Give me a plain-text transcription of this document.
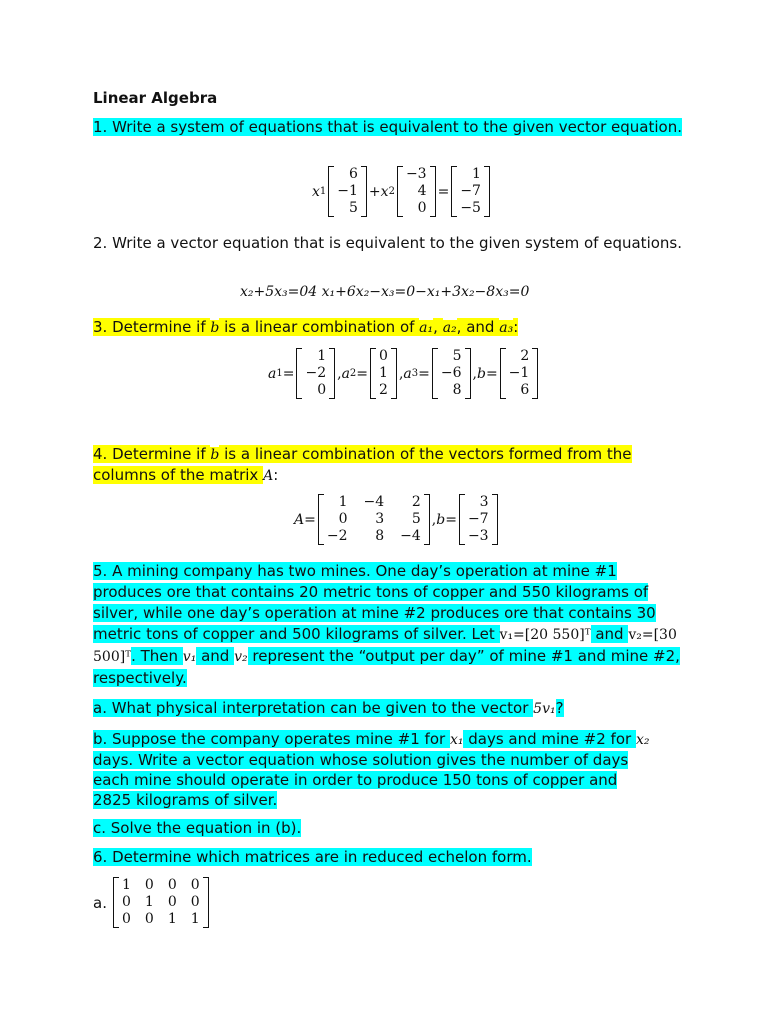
Linear Algebra
1. Write a system of equations that is equivalent to the given vector equation.
x 1
6
−1
5
+ x 2
−3
4
0
=
1
−7
−5
2. Write a vector equation that is equivalent to the given system of equations.
x₂+5x₃=04 x₁+6x₂−x₃=0−x₁+3x₂−8x₃=0
3. Determine if b is a linear combination of a₁, a₂, and a₃:
a 1 =
1
−2
0
, a 2 =
0
1
2
, a 3 =
5
−6
8
, b =
2
−1
6
4. Determine if b is a linear combination of the vectors formed from the columns of the matrix A:
A =
1
0
−2
−4
3
8
2
5
−4
, b =
3
−7
−3
5. A mining company has two mines. One day’s operation at mine #1 produces ore that contains 20 metric tons of copper and 550 kilograms of silver, while one day’s operation at mine #2 produces ore that contains 30 metric tons of copper and 500 kilograms of silver. Let v₁=[20 550]ᵀ and v₂=[30 500]ᵀ. Then v₁ and v₂ represent the “output per day” of mine #1 and mine #2, respectively.
a. What physical interpretation can be given to the vector 5v₁?
b. Suppose the company operates mine #1 for x₁ days and mine #2 for x₂ days. Write a vector equation whose solution gives the number of days each mine should operate in order to produce 150 tons of copper and 2825 kilograms of silver.
c. Solve the equation in (b).
6. Determine which matrices are in reduced echelon form.
a.
1
0
0
0
1
0
0
0
1
0
0
1
